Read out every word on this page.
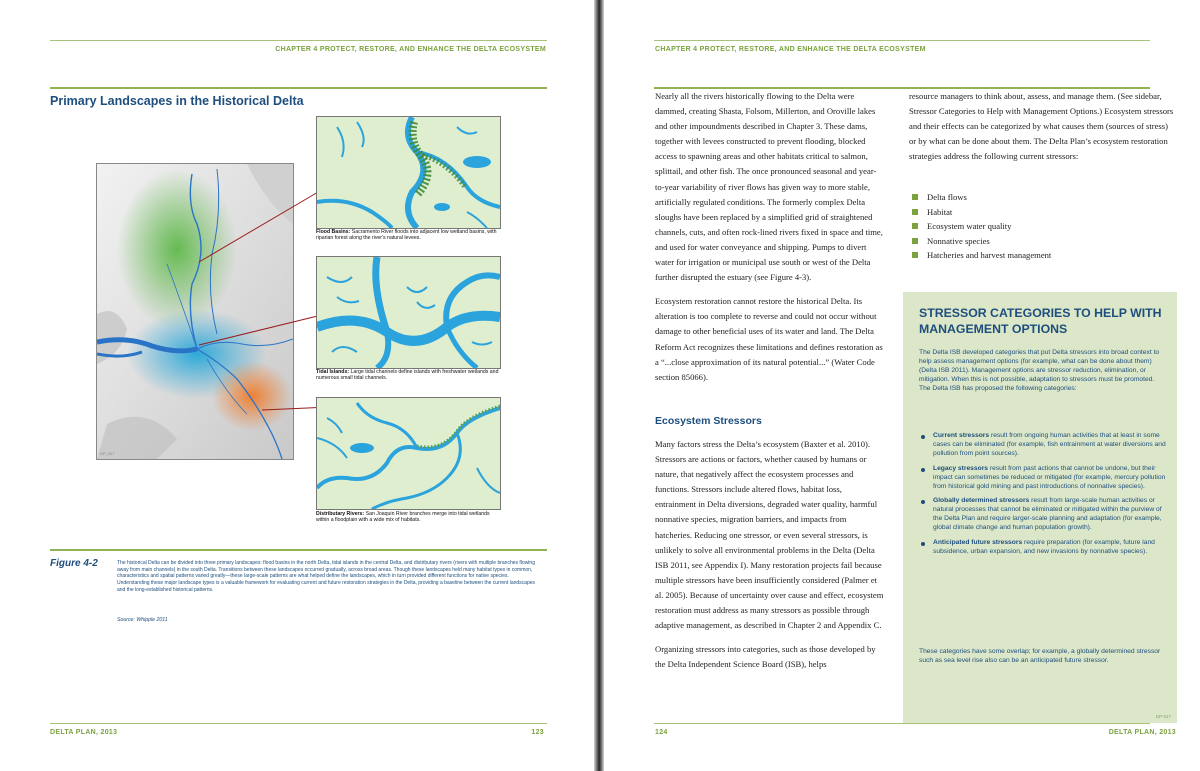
CHAPTER 4 PROTECT, RESTORE, AND ENHANCE THE DELTA ECOSYSTEM
Primary Landscapes in the Historical Delta
DP_007
Flood Basins: Sacramento River floods into adjacent low wetland basins, with riparian forest along the river's natural levees.
Tidal Islands: Large tidal channels define islands with freshwater wetlands and numerous small tidal channels.
Distributary Rivers: San Joaquin River branches merge into tidal wetlands within a floodplain with a wide mix of habitats.
Figure 4-2	The historical Delta can be divided into three primary landscapes: flood basins in the north Delta, tidal islands in the central Delta, and distributary rivers (rivers with multiple branches flowing away from main channels) in the south Delta. Transitions between these landscapes occurred gradually, across broad areas. Though these landscapes held many habitat types in common, characteristics and spatial patterns varied greatly—these large-scale patterns are what helped define the landscapes, which in turn provided different functions for native species. Understanding these major landscape types is a valuable framework for evaluating current and future restoration strategies in the Delta, providing a baseline between the current landscapes and the long-established historical patterns.
Source: Whipple 2011
DELTA PLAN, 2013	123
CHAPTER 4 PROTECT, RESTORE, AND ENHANCE THE DELTA ECOSYSTEM

Nearly all the rivers historically flowing to the Delta were dammed, creating Shasta, Folsom, Millerton, and Oroville lakes and other impoundments described in Chapter 3. These dams, together with levees constructed to prevent flooding, blocked access to spawning areas and other habitats critical to salmon, splittail, and other fish. The once pronounced seasonal and year-to-year variability of river flows has given way to more stable, artificially regulated conditions. The formerly complex Delta sloughs have been replaced by a simplified grid of straightened channels, cuts, and often rock-lined rivers fixed in space and time, and used for water conveyance and shipping. Pumps to divert water for irrigation or municipal use south or west of the Delta further disrupted the estuary (see Figure 4-3).

Ecosystem restoration cannot restore the historical Delta. Its alteration is too complete to reverse and could not occur without damage to other beneficial uses of its water and land. The Delta Reform Act recognizes these limitations and defines restoration as a “...close approximation of its natural potential...” (Water Code section 85066).

Ecosystem Stressors

Many factors stress the Delta’s ecosystem (Baxter et al. 2010). Stressors are actions or factors, whether caused by humans or nature, that negatively affect the ecosystem processes and functions. Stressors include altered flows, habitat loss, entrainment in Delta diversions, degraded water quality, harmful nonnative species, migration barriers, and impacts from hatcheries. Reducing one stressor, or even several stressors, is unlikely to solve all environmental problems in the Delta (Delta ISB 2011, see Appendix I). Many restoration projects fail because multiple stressors have been insufficiently considered (Palmer et al. 2005). Because of uncertainty over cause and effect, ecosystem restoration must address as many stressors as possible through adaptive management, as described in Chapter 2 and Appendix C.

Organizing stressors into categories, such as those developed by the Delta Independent Science Board (ISB), helps

resource managers to think about, assess, and manage them. (See sidebar, Stressor Categories to Help with Management Options.) Ecosystem stressors and their effects can be categorized by what causes them (sources of stress) or by what can be done about them. The Delta Plan’s ecosystem restoration strategies address the following current stressors:

Delta flows
Habitat
Ecosystem water quality
Nonnative species
Hatcheries and harvest management
STRESSOR CATEGORIES TO HELP WITH MANAGEMENT OPTIONS
The Delta ISB developed categories that put Delta stressors into broad context to help assess management options (for example, what can be done about them) (Delta ISB 2011). Management options are stressor reduction, elimination, or mitigation. When this is not possible, adaptation to stressors must be promoted. The Delta ISB has proposed the following categories:
Current stressors result from ongoing human activities that at least in some cases can be eliminated (for example, fish entrainment at water diversions and pollution from point sources).
Legacy stressors result from past actions that cannot be undone, but their impact can sometimes be reduced or mitigated (for example, mercury pollution from historical gold mining and past introductions of nonnative species).
Globally determined stressors result from large-scale human activities or natural processes that cannot be eliminated or mitigated within the purview of the Delta Plan and require larger-scale planning and adaptation (for example, global climate change and human population growth).
Anticipated future stressors require preparation (for example, future land subsidence, urban expansion, and new invasions by nonnative species).
These categories have some overlap; for example, a globally determined stressor such as sea level rise also can be an anticipated future stressor.
DP-017
124	DELTA PLAN, 2013
